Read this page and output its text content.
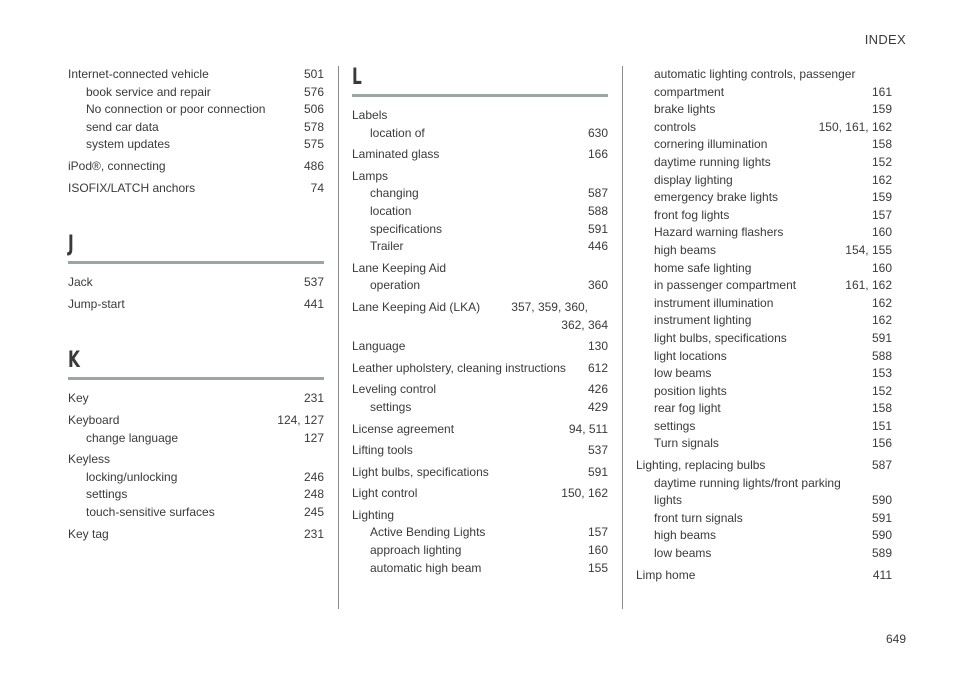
INDEX
Internet-connected vehicle	501
book service and repair	576
No connection or poor connection	506
send car data	578
system updates	575
iPod®, connecting	486
ISOFIX/LATCH anchors	74
J
Jack	537
Jump-start	441
K
Key	231
Keyboard	124, 127
change language	127
Keyless
locking/unlocking	246
settings	248
touch-sensitive surfaces	245
Key tag	231
L
Labels
location of	630
Laminated glass	166
Lamps
changing	587
location	588
specifications	591
Trailer	446
Lane Keeping Aid
operation	360
Lane Keeping Aid (LKA)	357, 359, 360,
362, 364
Language	130
Leather upholstery, cleaning instructions	612
Leveling control	426
settings	429
License agreement	94, 511
Lifting tools	537
Light bulbs, specifications	591
Light control	150, 162
Lighting
Active Bending Lights	157
approach lighting	160
automatic high beam	155
automatic lighting controls, passenger
compartment	161
brake lights	159
controls	150, 161, 162
cornering illumination	158
daytime running lights	152
display lighting	162
emergency brake lights	159
front fog lights	157
Hazard warning flashers	160
high beams	154, 155
home safe lighting	160
in passenger compartment	161, 162
instrument illumination	162
instrument lighting	162
light bulbs, specifications	591
light locations	588
low beams	153
position lights	152
rear fog light	158
settings	151
Turn signals	156
Lighting, replacing bulbs	587
daytime running lights/front parking
lights	590
front turn signals	591
high beams	590
low beams	589
Limp home	411
649
